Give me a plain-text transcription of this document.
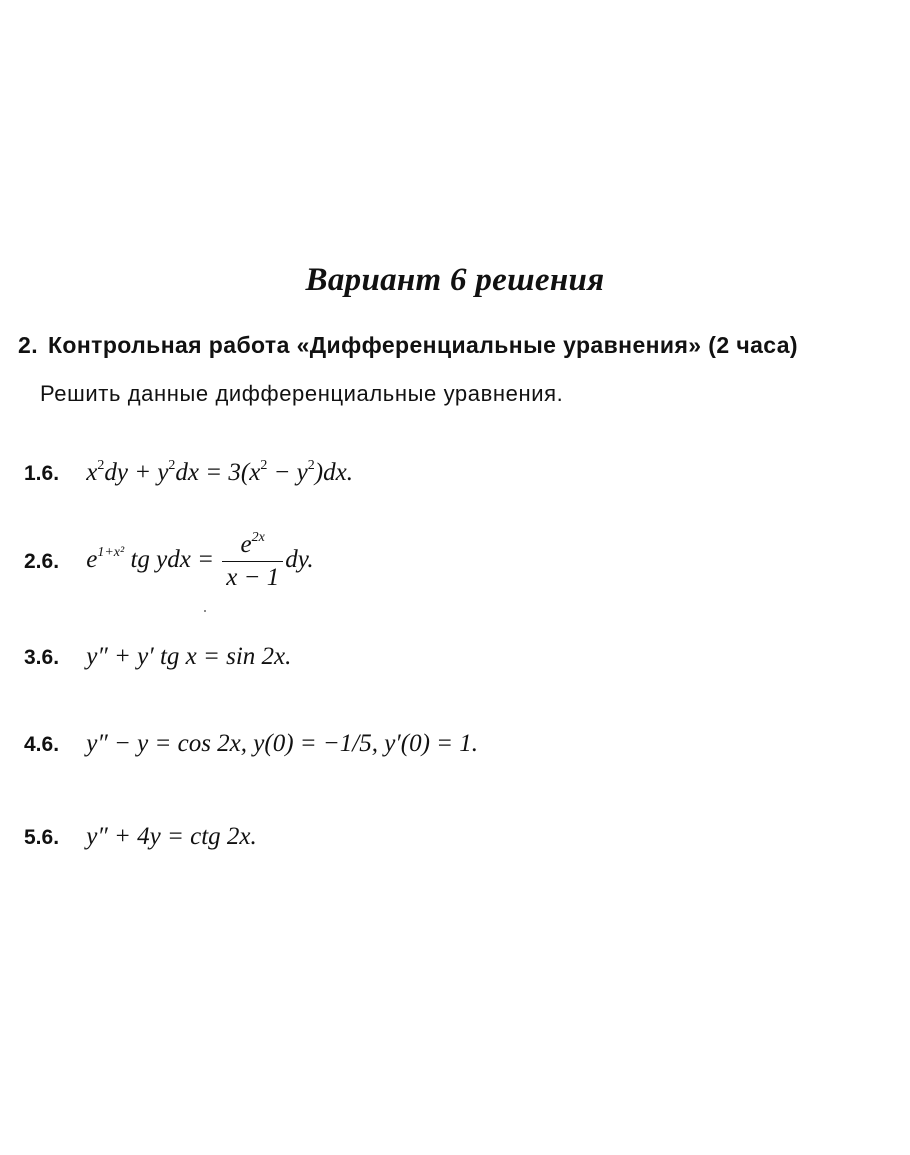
Вариант 6 решения
2. Контрольная работа «Дифференциальные уравнения» (2 часа)
Решить данные дифференциальные уравнения.
1.6. $x^2dy + y^2dx = 3(x^2 - y^2)dx$.
2.6. $e^{1+x^2}$ tg ydx = $\frac{e^{2x}}{x - 1}$ dy.
3.6. y″ + y′ tg x = sin 2x.
4.6. y″ − y = cos 2x, y(0) = −1/5, y′(0) = 1.
5.6. y″ + 4y = ctg 2x.
